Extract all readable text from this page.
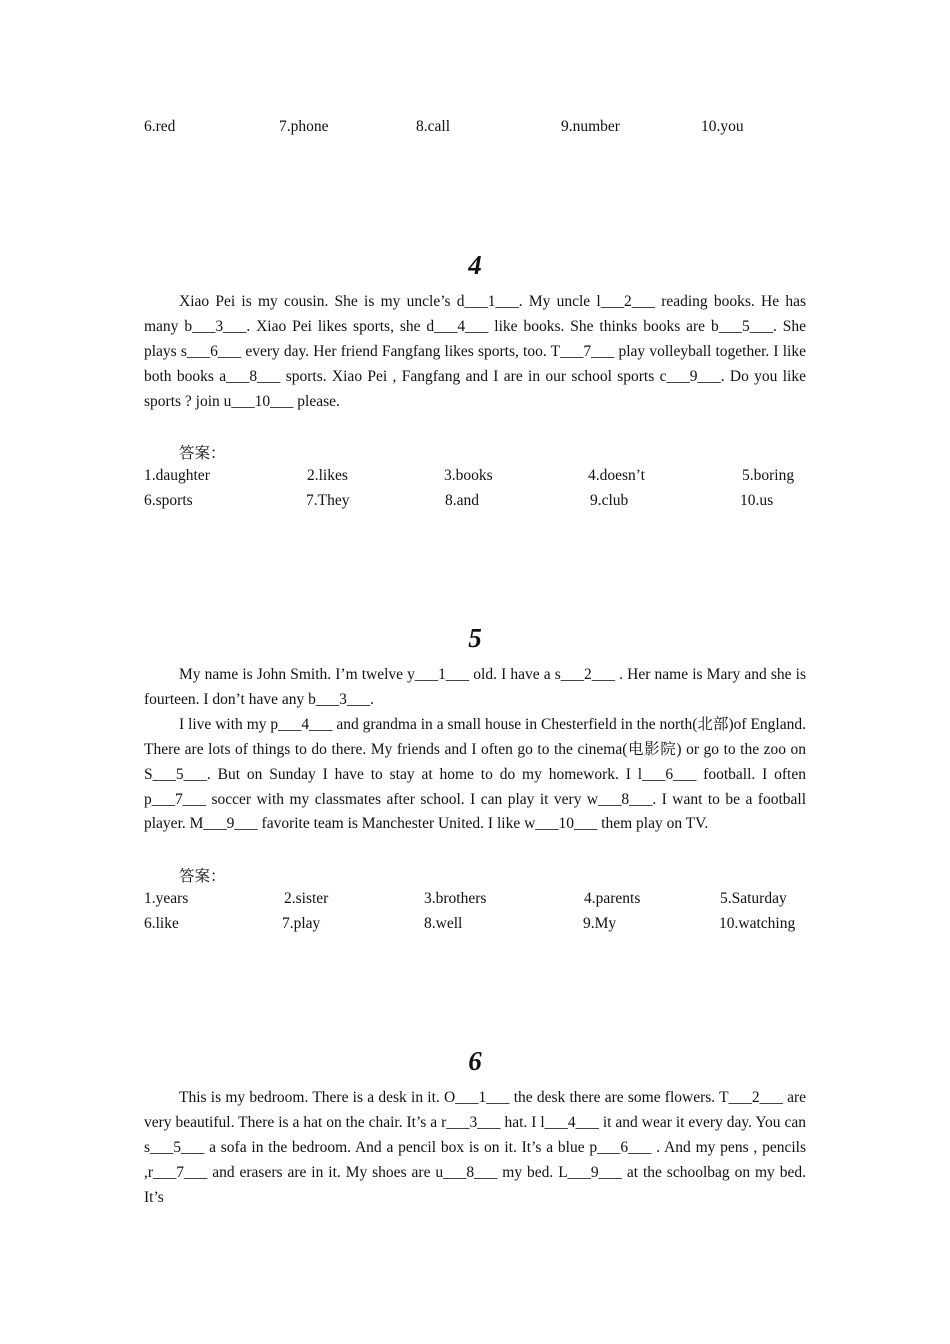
6.red	7.phone	8.call	9.number	10.you
4

Xiao Pei is my cousin. She is my uncle’s d___1___. My uncle l___2___ reading books. He has many b___3___. Xiao Pei likes sports, she d___4___ like books. She thinks books are b___5___. She plays s___6___ every day. Her friend Fangfang likes sports, too. T___7___ play volleyball together. I like both books a___8___ sports. Xiao Pei , Fangfang and I are in our school sports c___9___. Do you like sports ? join u___10___ please.

答案：
1.daughter	2.likes	3.books	4.doesn’t	5.boring
6.sports	7.They	8.and	9.club	10.us
5

My name is John Smith. I’m twelve y___1___ old. I have a s___2___ . Her name is Mary and she is fourteen. I don’t have any b___3___.

I live with my p___4___ and grandma in a small house in Chesterfield in the north(北部)of England. There are lots of things to do there. My friends and I often go to the cinema(电影院) or go to the zoo on S___5___. But on Sunday I have to stay at home to do my homework. I l___6___ football. I often p___7___ soccer with my classmates after school. I can play it very w___8___. I want to be a football player. M___9___ favorite team is Manchester United. I like w___10___ them play on TV.

答案：
1.years	2.sister	3.brothers	4.parents	5.Saturday
6.like	7.play	8.well	9.My	10.watching
6

This is my bedroom. There is a desk in it. O___1___ the desk there are some flowers. T___2___ are very beautiful. There is a hat on the chair. It’s a r___3___ hat. I l___4___ it and wear it every day. You can s___5___ a sofa in the bedroom. And a pencil box is on it. It’s a blue p___6___ . And my pens , pencils ,r___7___ and erasers are in it. My shoes are u___8___ my bed. L___9___ at the schoolbag on my bed. It’s
